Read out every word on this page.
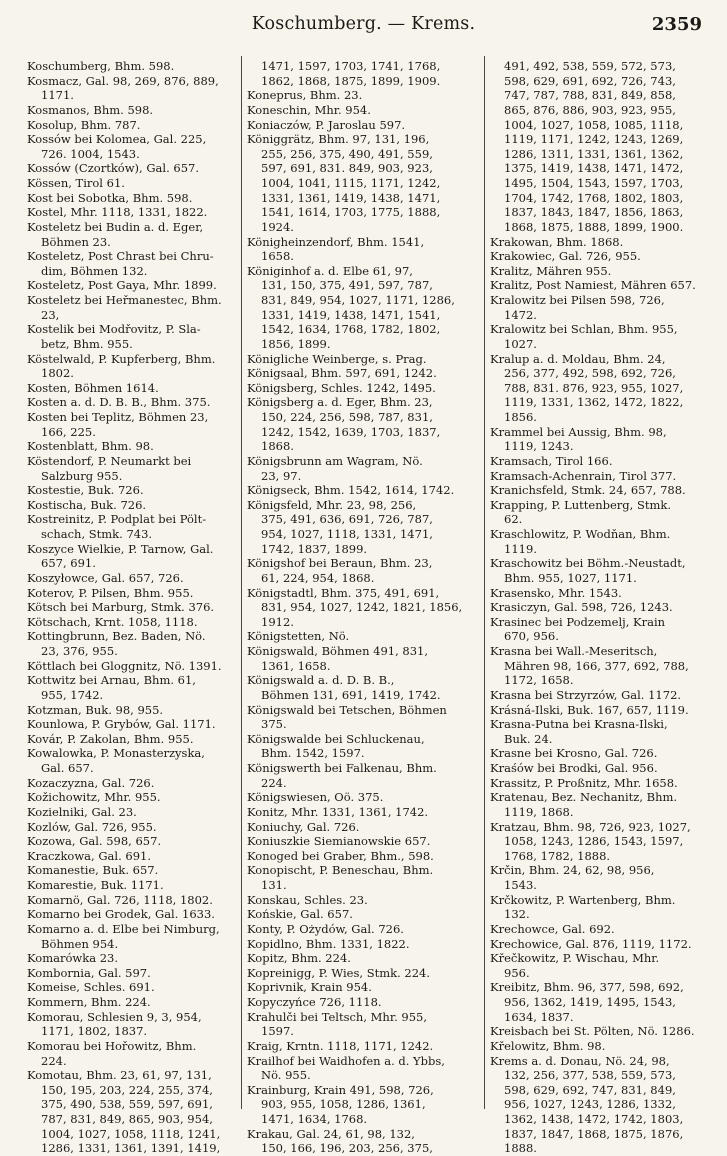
Koschumberg. — Krems.	2359
Koschumberg, Bhm. 598.
Kosmacz, Gal. 98, 269, 876, 889,
1171.
Kosmanos, Bhm. 598.
Kosolup, Bhm. 787.
Kossów bei Kolomea, Gal. 225,
726. 1004, 1543.
Kossów (Czortków), Gal. 657.
Kössen, Tirol 61.
Kost bei Sobotka, Bhm. 598.
Kostel, Mhr. 1118, 1331, 1822.
Kosteletz bei Budin a. d. Eger,
Böhmen 23.
Kosteletz, Post Chrast bei Chru-
dim, Böhmen 132.
Kosteletz, Post Gaya, Mhr. 1899.
Kosteletz bei Heřmanestec, Bhm.
23,
Kostelik bei Modřovitz, P. Sla-
betz, Bhm. 955.
Köstelwald, P. Kupferberg, Bhm.
1802.
Kosten, Böhmen 1614.
Kosten a. d. D. B. B., Bhm. 375.
Kosten bei Teplitz, Böhmen 23,
166, 225.
Kostenblatt, Bhm. 98.
Köstendorf, P. Neumarkt bei
Salzburg 955.
Kostestie, Buk. 726.
Kostischa, Buk. 726.
Kostreinitz, P. Podplat bei Pölt-
schach, Stmk. 743.
Koszyce Wielkie, P. Tarnow, Gal.
657, 691.
Koszyłowce, Gal. 657, 726.
Koterov, P. Pilsen, Bhm. 955.
Kötsch bei Marburg, Stmk. 376.
Kötschach, Krnt. 1058, 1118.
Kottingbrunn, Bez. Baden, Nö.
23, 376, 955.
Köttlach bei Gloggnitz, Nö. 1391.
Kottwitz bei Arnau, Bhm. 61,
955, 1742.
Kotzman, Buk. 98, 955.
Kounlowa, P. Grybów, Gal. 1171.
Kovár, P. Zakolan, Bhm. 955.
Kowalowka, P. Monasterzyska,
Gal. 657.
Kozaczyzna, Gal. 726.
Kožichowitz, Mhr. 955.
Kozielniki, Gal. 23.
Kozlów, Gal. 726, 955.
Kozowa, Gal. 598, 657.
Kraczkowa, Gal. 691.
Komanestie, Buk. 657.
Komarestie, Buk. 1171.
Komarnö, Gal. 726, 1118, 1802.
Komarno bei Grodek, Gal. 1633.
Komarno a. d. Elbe bei Nimburg,
Böhmen 954.
Komarówka 23.
Kombornia, Gal. 597.
Komeise, Schles. 691.
Kommern, Bhm. 224.
Komorau, Schlesien 9, 3, 954,
1171, 1802, 1837.
Komorau bei Hořowitz, Bhm.
224.
Komotau, Bhm. 23, 61, 97, 131,
150, 195, 203, 224, 255, 374,
375, 490, 538, 559, 597, 691,
787, 831, 849, 865, 903, 954,
1004, 1027, 1058, 1118, 1241,
1286, 1331, 1361, 1391, 1419,
1471, 1597, 1703, 1741, 1768,
1862, 1868, 1875, 1899, 1909.
Koneprus, Bhm. 23.
Koneschin, Mhr. 954.
Koniaczów, P. Jaroslau 597.
Königgrätz, Bhm. 97, 131, 196,
255, 256, 375, 490, 491, 559,
597, 691, 831. 849, 903, 923,
1004, 1041, 1115, 1171, 1242,
1331, 1361, 1419, 1438, 1471,
1541, 1614, 1703, 1775, 1888,
1924.
Königheinzendorf, Bhm. 1541,
1658.
Königinhof a. d. Elbe 61, 97,
131, 150, 375, 491, 597, 787,
831, 849, 954, 1027, 1171, 1286,
1331, 1419, 1438, 1471, 1541,
1542, 1634, 1768, 1782, 1802,
1856, 1899.
Königliche Weinberge, s. Prag.
Königsaal, Bhm. 597, 691, 1242.
Königsberg, Schles. 1242, 1495.
Königsberg a. d. Eger, Bhm. 23,
150, 224, 256, 598, 787, 831,
1242, 1542, 1639, 1703, 1837,
1868.
Königsbrunn am Wagram, Nö.
23, 97.
Königseck, Bhm. 1542, 1614, 1742.
Königsfeld, Mhr. 23, 98, 256,
375, 491, 636, 691, 726, 787,
954, 1027, 1118, 1331, 1471,
1742, 1837, 1899.
Königshof bei Beraun, Bhm. 23,
61, 224, 954, 1868.
Königstadtl, Bhm. 375, 491, 691,
831, 954, 1027, 1242, 1821, 1856,
1912.
Königstetten, Nö.
Königswald, Böhmen 491, 831,
1361, 1658.
Königswald a. d. D. B. B.,
Böhmen 131, 691, 1419, 1742.
Königswald bei Tetschen, Böhmen
375.
Königswalde bei Schluckenau,
Bhm. 1542, 1597.
Königswerth bei Falkenau, Bhm.
224.
Königswiesen, Oö. 375.
Konitz, Mhr. 1331, 1361, 1742.
Koniuchy, Gal. 726.
Koniuszkie Siemianowskie 657.
Konoged bei Graber, Bhm., 598.
Konopischt, P. Beneschau, Bhm.
131.
Konskau, Schles. 23.
Końskie, Gal. 657.
Konty, P. Ożydów, Gal. 726.
Kopidlno, Bhm. 1331, 1822.
Kopitz, Bhm. 224.
Kopreinigg, P. Wies, Stmk. 224.
Koprivnik, Krain 954.
Kopyczyńce 726, 1118.
Krahulči bei Teltsch, Mhr. 955,
1597.
Kraig, Krntn. 1118, 1171, 1242.
Krailhof bei Waidhofen a. d. Ybbs,
Nö. 955.
Krainburg, Krain 491, 598, 726,
903, 955, 1058, 1286, 1361,
1471, 1634, 1768.
Krakau, Gal. 24, 61, 98, 132,
150, 166, 196, 203, 256, 375,
491, 492, 538, 559, 572, 573,
598, 629, 691, 692, 726, 743,
747, 787, 788, 831, 849, 858,
865, 876, 886, 903, 923, 955,
1004, 1027, 1058, 1085, 1118,
1119, 1171, 1242, 1243, 1269,
1286, 1311, 1331, 1361, 1362,
1375, 1419, 1438, 1471, 1472,
1495, 1504, 1543, 1597, 1703,
1704, 1742, 1768, 1802, 1803,
1837, 1843, 1847, 1856, 1863,
1868, 1875, 1888, 1899, 1900.
Krakowan, Bhm. 1868.
Krakowiec, Gal. 726, 955.
Kralitz, Mähren 955.
Kralitz, Post Namiest, Mähren 657.
Kralowitz bei Pilsen 598, 726,
1472.
Kralowitz bei Schlan, Bhm. 955,
1027.
Kralup a. d. Moldau, Bhm. 24,
256, 377, 492, 598, 692, 726,
788, 831. 876, 923, 955, 1027,
1119, 1331, 1362, 1472, 1822,
1856.
Krammel bei Aussig, Bhm. 98,
1119, 1243.
Kramsach, Tirol 166.
Kramsach-Achenrain, Tirol 377.
Kranichsfeld, Stmk. 24, 657, 788.
Krapping, P. Luttenberg, Stmk.
62.
Kraschlowitz, P. Wodňan, Bhm.
1119.
Kraschowitz bei Böhm.-Neustadt,
Bhm. 955, 1027, 1171.
Krasensko, Mhr. 1543.
Krasiczyn, Gal. 598, 726, 1243.
Krasinec bei Podzemelj, Krain
670, 956.
Krasna bei Wall.-Meseritsch,
Mähren 98, 166, 377, 692, 788,
1172, 1658.
Krasna bei Strzyrzów, Gal. 1172.
Krásná-Ilski, Buk. 167, 657, 1119.
Krasna-Putna bei Krasna-Ilski,
Buk. 24.
Krasne bei Krosno, Gal. 726.
Kraśów bei Brodki, Gal. 956.
Krassitz, P. Proßnitz, Mhr. 1658.
Kratenau, Bez. Nechanitz, Bhm.
1119, 1868.
Kratzau, Bhm. 98, 726, 923, 1027,
1058, 1243, 1286, 1543, 1597,
1768, 1782, 1888.
Krčin, Bhm. 24, 62, 98, 956,
1543.
Krčkowitz, P. Wartenberg, Bhm.
132.
Krechowce, Gal. 692.
Krechowice, Gal. 876, 1119, 1172.
Křečkowitz, P. Wischau, Mhr.
956.
Kreibitz, Bhm. 96, 377, 598, 692,
956, 1362, 1419, 1495, 1543,
1634, 1837.
Kreisbach bei St. Pölten, Nö. 1286.
Křelowitz, Bhm. 98.
Krems a. d. Donau, Nö. 24, 98,
132, 256, 377, 538, 559, 573,
598, 629, 692, 747, 831, 849,
956, 1027, 1243, 1286, 1332,
1362, 1438, 1472, 1742, 1803,
1837, 1847, 1868, 1875, 1876,
1888.
